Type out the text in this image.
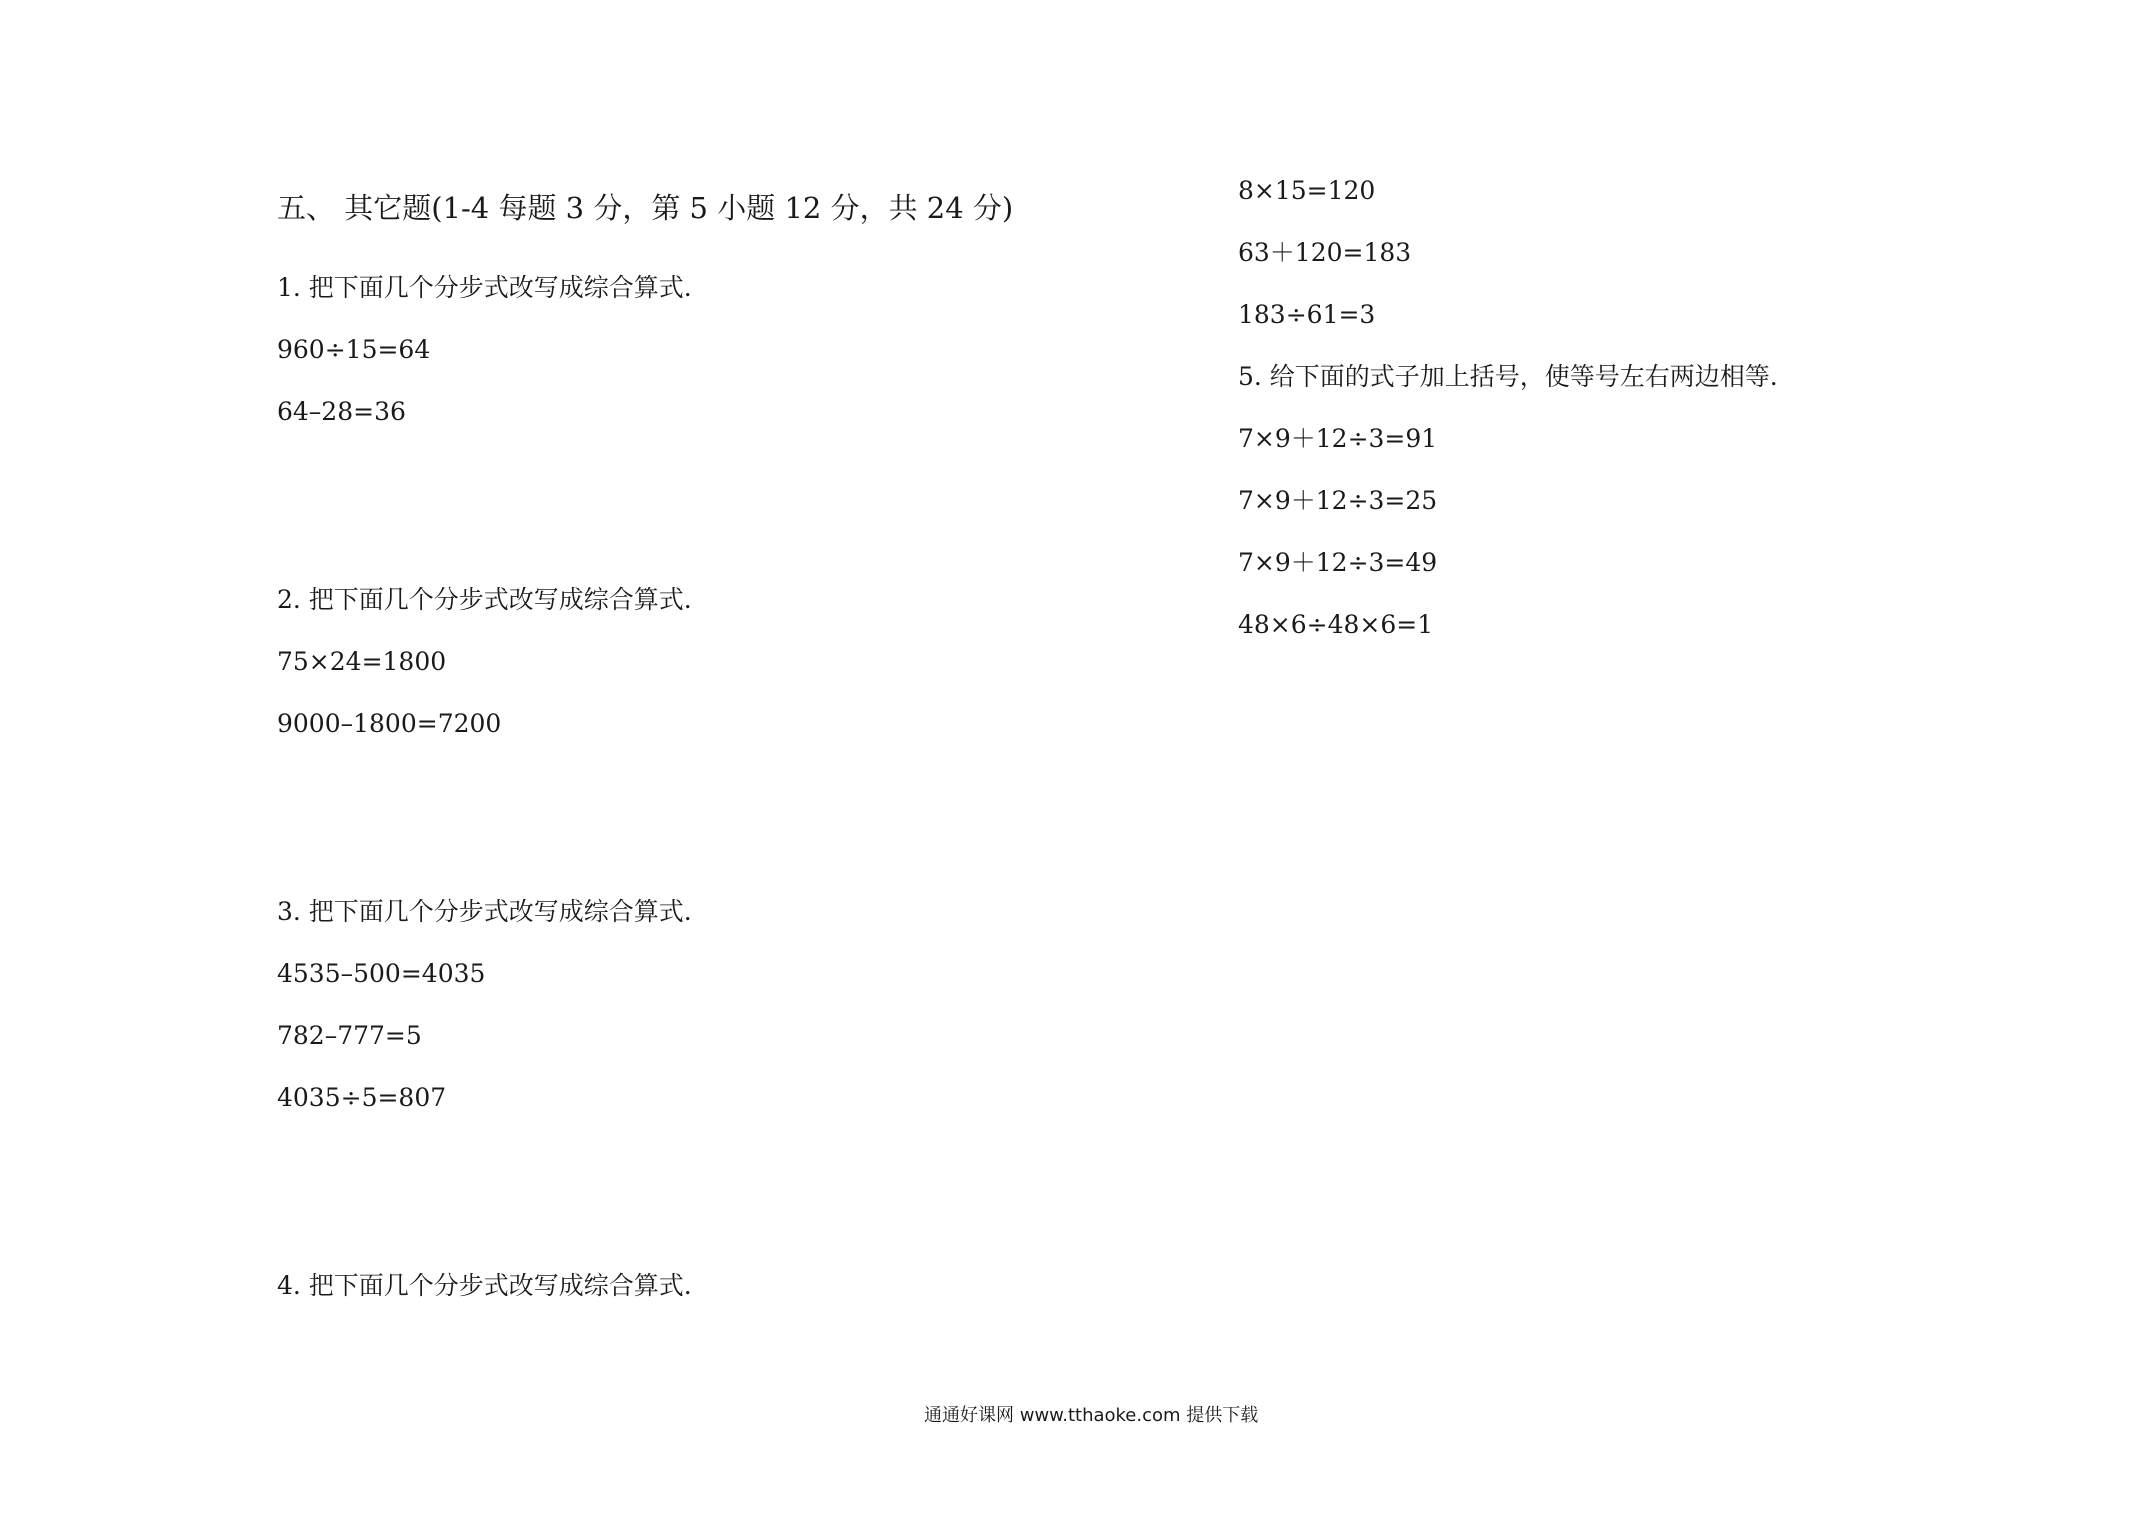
五、 其它题(1-4 每题 3 分，第 5 小题 12 分，共 24 分)
1. 把下面几个分步式改写成综合算式.
960÷15=64
64–28=36
2. 把下面几个分步式改写成综合算式.
75×24=1800
9000–1800=7200
3. 把下面几个分步式改写成综合算式.
4535–500=4035
782–777=5
4035÷5=807
4. 把下面几个分步式改写成综合算式.
8×15=120
63＋120=183
183÷61=3
5. 给下面的式子加上括号，使等号左右两边相等.
7×9＋12÷3=91
7×9＋12÷3=25
7×9＋12÷3=49
48×6÷48×6=1
通通好课网 www.tthaoke.com 提供下载
